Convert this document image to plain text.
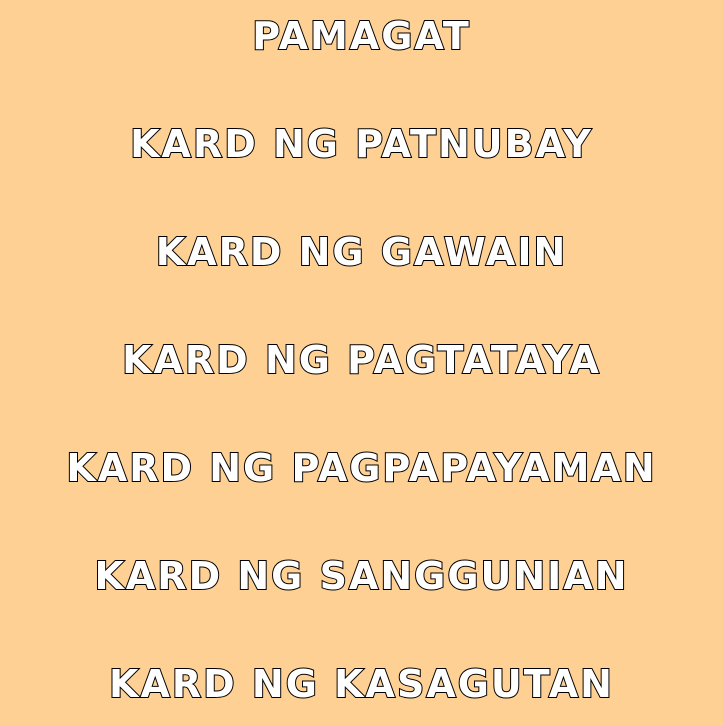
PAMAGAT
KARD NG PATNUBAY
KARD NG GAWAIN
KARD NG PAGTATAYA
KARD NG PAGPAPAYAMAN
KARD NG SANGGUNIAN
KARD NG KASAGUTAN
